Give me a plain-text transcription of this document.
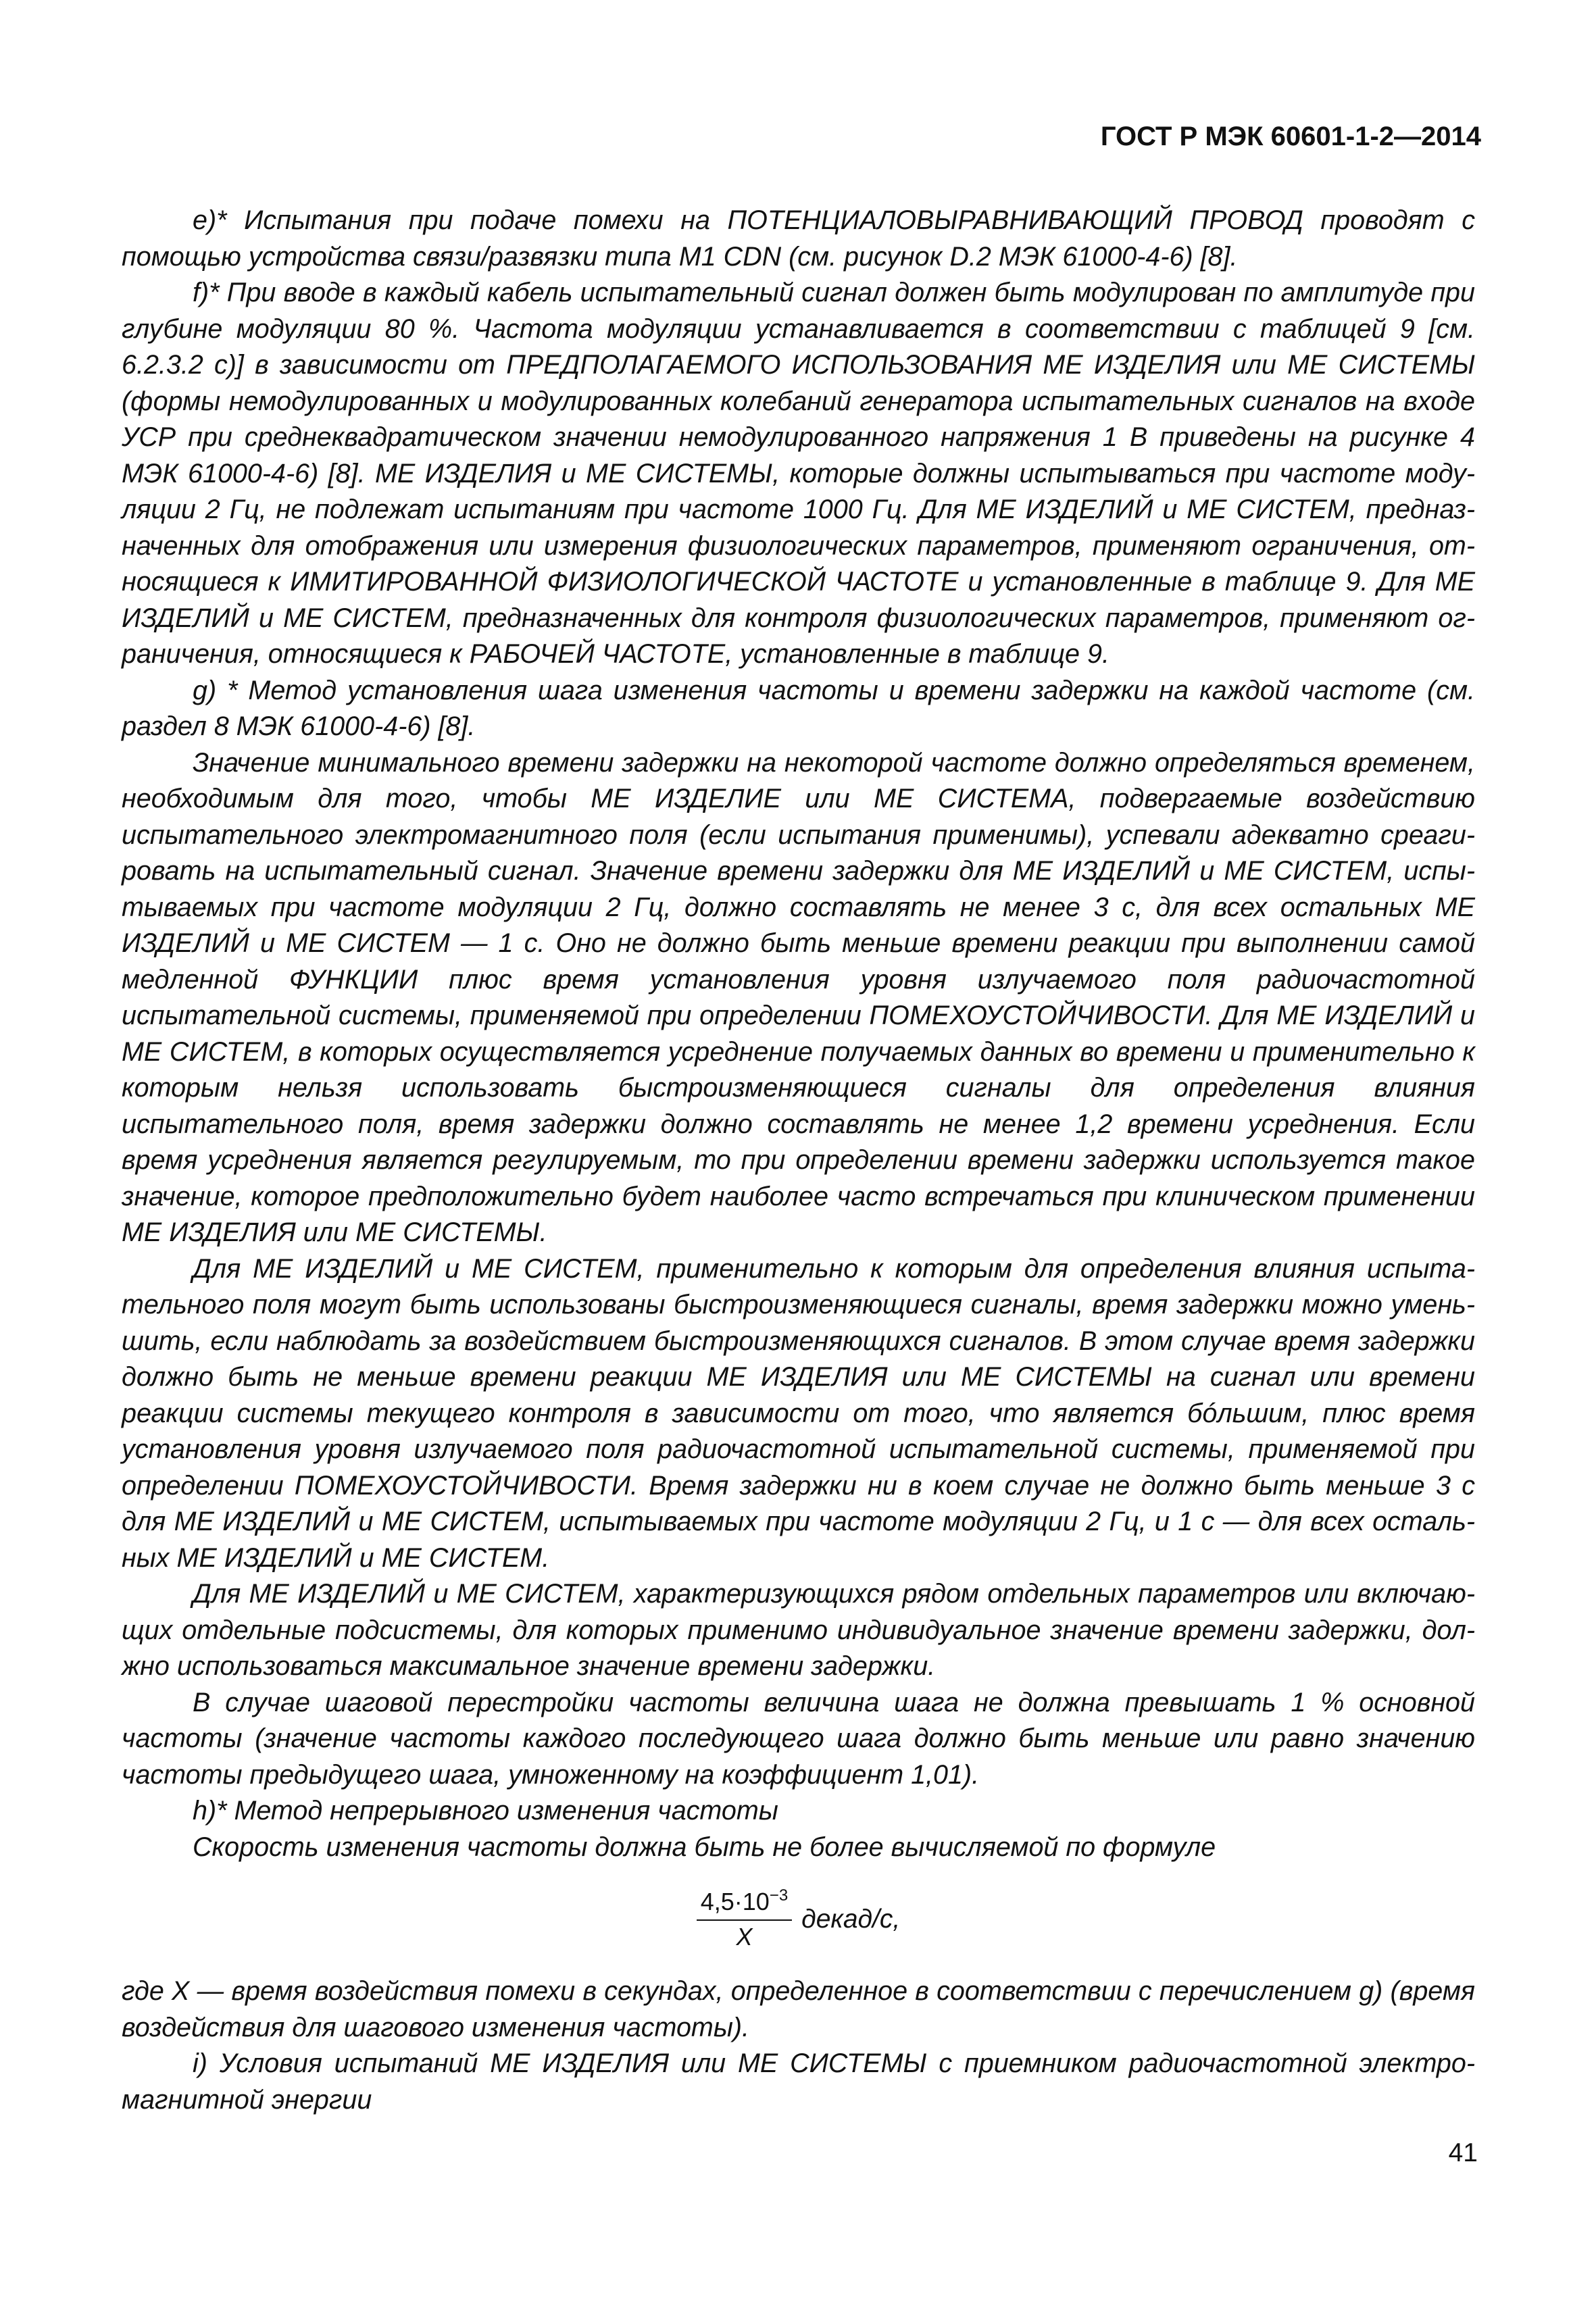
ГОСТ Р МЭК 60601-1-2—2014

e)* Испытания при подаче помехи на ПОТЕНЦИАЛОВЫРАВНИВАЮЩИЙ ПРОВОД проводят с помощью устройства связи/развязки типа M1 CDN (см. рисунок D.2 МЭК 61000-4-6) [8].

f)* При вводе в каждый кабель испытательный сигнал должен быть модулирован по амплитуде при глубине модуляции 80 %. Частота модуляции устанавливается в соответствии с таблицей 9 [см. 6.2.3.2 c)] в зависимости от ПРЕДПОЛАГАЕМОГО ИСПОЛЬЗОВАНИЯ МЕ ИЗДЕЛИЯ или МЕ СИСТЕМЫ (формы немодулированных и модулированных колебаний генератора испытательных сигналов на входе УСР при среднеквадратическом значении немодулированного напряжения 1 В приведены на рисунке 4 МЭК 61000-4-6) [8]. МЕ ИЗДЕЛИЯ и МЕ СИСТЕМЫ, которые должны испытываться при частоте модуляции 2 Гц, не подлежат испытаниям при частоте 1000 Гц. Для МЕ ИЗДЕЛИЙ и МЕ СИСТЕМ, предназначенных для отображения или измерения физиологических параметров, применяют ограничения, относящиеся к ИМИТИРОВАННОЙ ФИЗИОЛОГИЧЕСКОЙ ЧАСТОТЕ и установленные в таблице 9. Для МЕ ИЗДЕЛИЙ и МЕ СИСТЕМ, предназначенных для контроля физиологических параметров, применяют ограничения, относящиеся к РАБОЧЕЙ ЧАСТОТЕ, установленные в таблице 9.

g) * Метод установления шага изменения частоты и времени задержки на каждой частоте (см. раздел 8 МЭК 61000-4-6) [8].

Значение минимального времени задержки на некоторой частоте должно определяться временем, необходимым для того, чтобы МЕ ИЗДЕЛИЕ или МЕ СИСТЕМА, подвергаемые воздействию испытательного электромагнитного поля (если испытания применимы), успевали адекватно среагировать на испытательный сигнал. Значение времени задержки для МЕ ИЗДЕЛИЙ и МЕ СИСТЕМ, испытываемых при частоте модуляции 2 Гц, должно составлять не менее 3 с, для всех остальных МЕ ИЗДЕЛИЙ и МЕ СИСТЕМ — 1 с. Оно не должно быть меньше времени реакции при выполнении самой медленной ФУНКЦИИ плюс время установления уровня излучаемого поля радиочастотной испытательной системы, применяемой при определении ПОМЕХОУСТОЙЧИВОСТИ. Для МЕ ИЗДЕЛИЙ и МЕ СИСТЕМ, в которых осуществляется усреднение получаемых данных во времени и применительно к которым нельзя использовать быстроизменяющиеся сигналы для определения влияния испытательного поля, время задержки должно составлять не менее 1,2 времени усреднения. Если время усреднения является регулируемым, то при определении времени задержки используется такое значение, которое предположительно будет наиболее часто встречаться при клиническом применении МЕ ИЗДЕЛИЯ или МЕ СИСТЕМЫ.

Для МЕ ИЗДЕЛИЙ и МЕ СИСТЕМ, применительно к которым для определения влияния испытательного поля могут быть использованы быстроизменяющиеся сигналы, время задержки можно уменьшить, если наблюдать за воздействием быстроизменяющихся сигналов. В этом случае время задержки должно быть не меньше времени реакции МЕ ИЗДЕЛИЯ или МЕ СИСТЕМЫ на сигнал или времени реакции системы текущего контроля в зависимости от того, что является бóльшим, плюс время установления уровня излучаемого поля радиочастотной испытательной системы, применяемой при определении ПОМЕХОУСТОЙЧИВОСТИ. Время задержки ни в коем случае не должно быть меньше 3 с для МЕ ИЗДЕЛИЙ и МЕ СИСТЕМ, испытываемых при частоте модуляции 2 Гц, и 1 с — для всех остальных МЕ ИЗДЕЛИЙ и МЕ СИСТЕМ.

Для МЕ ИЗДЕЛИЙ и МЕ СИСТЕМ, характеризующихся рядом отдельных параметров или включающих отдельные подсистемы, для которых применимо индивидуальное значение времени задержки, должно использоваться максимальное значение времени задержки.

В случае шаговой перестройки частоты величина шага не должна превышать 1 % основной частоты (значение частоты каждого последующего шага должно быть меньше или равно значению частоты предыдущего шага, умноженному на коэффициент 1,01).

h)* Метод непрерывного изменения частоты

Скорость изменения частоты должна быть не более вычисляемой по формуле

$\frac{4,5\cdot 10^{-3}}{X}$ декад/с,

где X — время воздействия помехи в секундах, определенное в соответствии с перечислением g) (время воздействия для шагового изменения частоты).

i) Условия испытаний МЕ ИЗДЕЛИЯ или МЕ СИСТЕМЫ с приемником радиочастотной электромагнитной энергии

41
